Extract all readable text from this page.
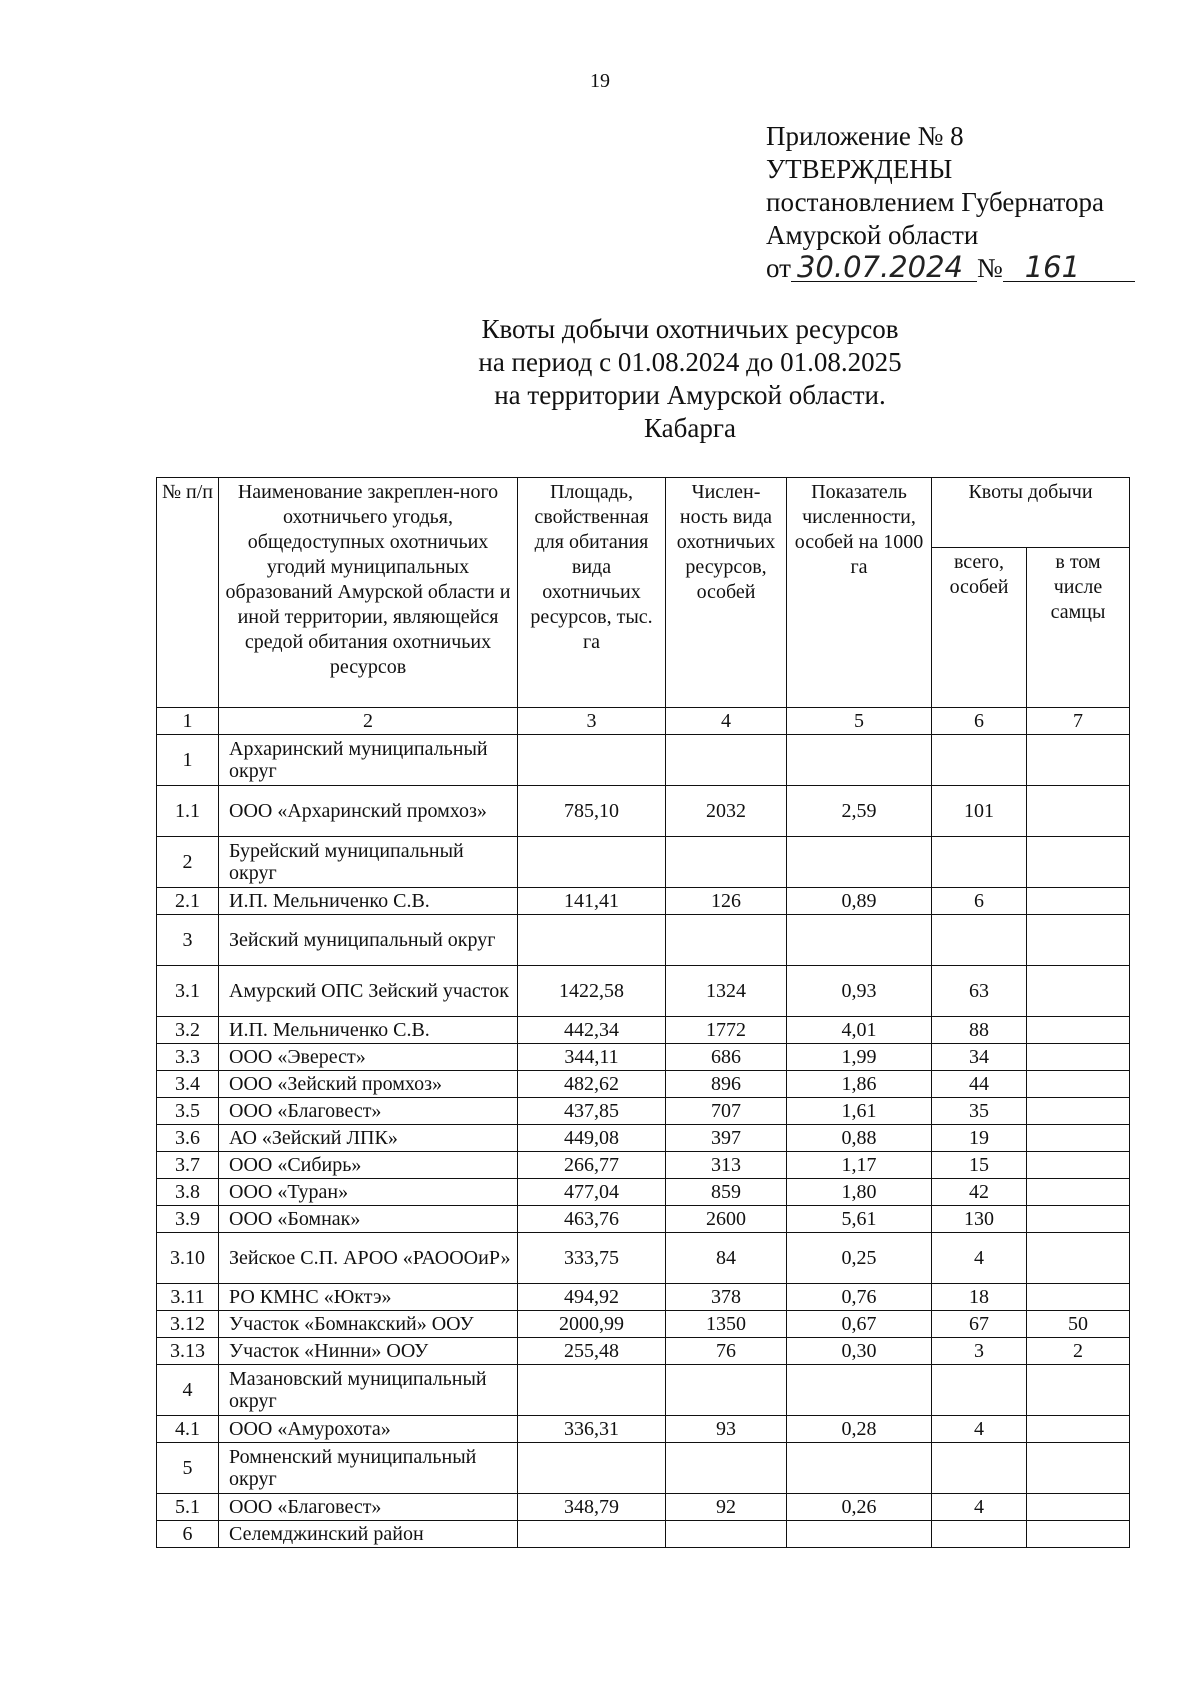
19
Приложение № 8
УТВЕРЖДЕНЫ
постановлением Губернатора
Амурской области
от 30.07.2024 № 161
Квоты добычи охотничьих ресурсов
на период с 01.08.2024 до 01.08.2025
на территории Амурской области.
Кабарга
№ п/п	Наименование закреплен-ного охотничьего угодья, общедоступных охотничьих угодий муниципальных образований Амурской области и иной территории, являющейся средой обитания охотничьих ресурсов	Площадь, свойственная для обитания вида охотничьих ресурсов, тыс. га	Числен-ность вида охотничьих ресурсов, особей	Показатель численности, особей на 1000 га	Квоты добычи	
					всего, особей	в том числе самцы
1	2	3	4	5	6	7
1	Архаринский муниципальный округ					
1.1	ООО «Архаринский промхоз»	785,10	2032	2,59	101	
2	Бурейский муниципальный округ					
2.1	И.П. Мельниченко С.В.	141,41	126	0,89	6	
3	Зейский муниципальный округ					
3.1	Амурский ОПС Зейский участок	1422,58	1324	0,93	63	
3.2	И.П. Мельниченко С.В.	442,34	1772	4,01	88	
3.3	ООО «Эверест»	344,11	686	1,99	34	
3.4	ООО «Зейский промхоз»	482,62	896	1,86	44	
3.5	ООО «Благовест»	437,85	707	1,61	35	
3.6	АО «Зейский ЛПК»	449,08	397	0,88	19	
3.7	ООО «Сибирь»	266,77	313	1,17	15	
3.8	ООО «Туран»	477,04	859	1,80	42	
3.9	ООО «Бомнак»	463,76	2600	5,61	130	
3.10	Зейское С.П. АРОО «РАОООиР»	333,75	84	0,25	4	
3.11	РО КМНС «Юктэ»	494,92	378	0,76	18	
3.12	Участок «Бомнакский» ООУ	2000,99	1350	0,67	67	50
3.13	Участок «Нинни» ООУ	255,48	76	0,30	3	2
4	Мазановский муниципальный округ					
4.1	ООО «Амурохота»	336,31	93	0,28	4	
5	Ромненский муниципальный округ					
5.1	ООО «Благовест»	348,79	92	0,26	4	
6	Селемджинский район					
